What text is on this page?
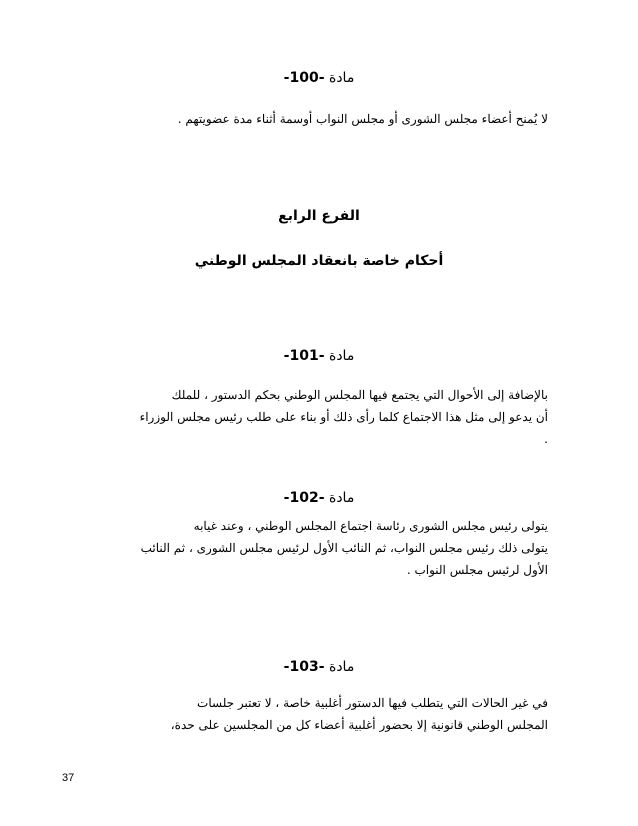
مادة -100-
لا يُمنح أعضاء مجلس الشورى أو مجلس النواب أوسمة أثناء مدة عضويتهم .
الفرع الرابع
أحكام خاصة بانعقاد المجلس الوطني
مادة -101-
بالإضافة إلى الأحوال التي يجتمع فيها المجلس الوطني بحكم الدستور ، للملك
أن يدعو إلى مثل هذا الاجتماع كلما رأى ذلك أو بناء على طلب رئيس مجلس الوزراء
.
مادة -102-
يتولى رئيس مجلس الشورى رئاسة اجتماع المجلس الوطني ، وعند غيابه
يتولى ذلك رئيس مجلس النواب، ثم النائب الأول لرئيس مجلس الشورى ، ثم النائب
الأول لرئيس مجلس النواب .
مادة -103-
في غير الحالات التي يتطلب فيها الدستور أغلبية خاصة ، لا تعتبر جلسات
المجلس الوطني قانونية إلا بحضور أغلبية أعضاء كل من المجلسين على حدة،
37
